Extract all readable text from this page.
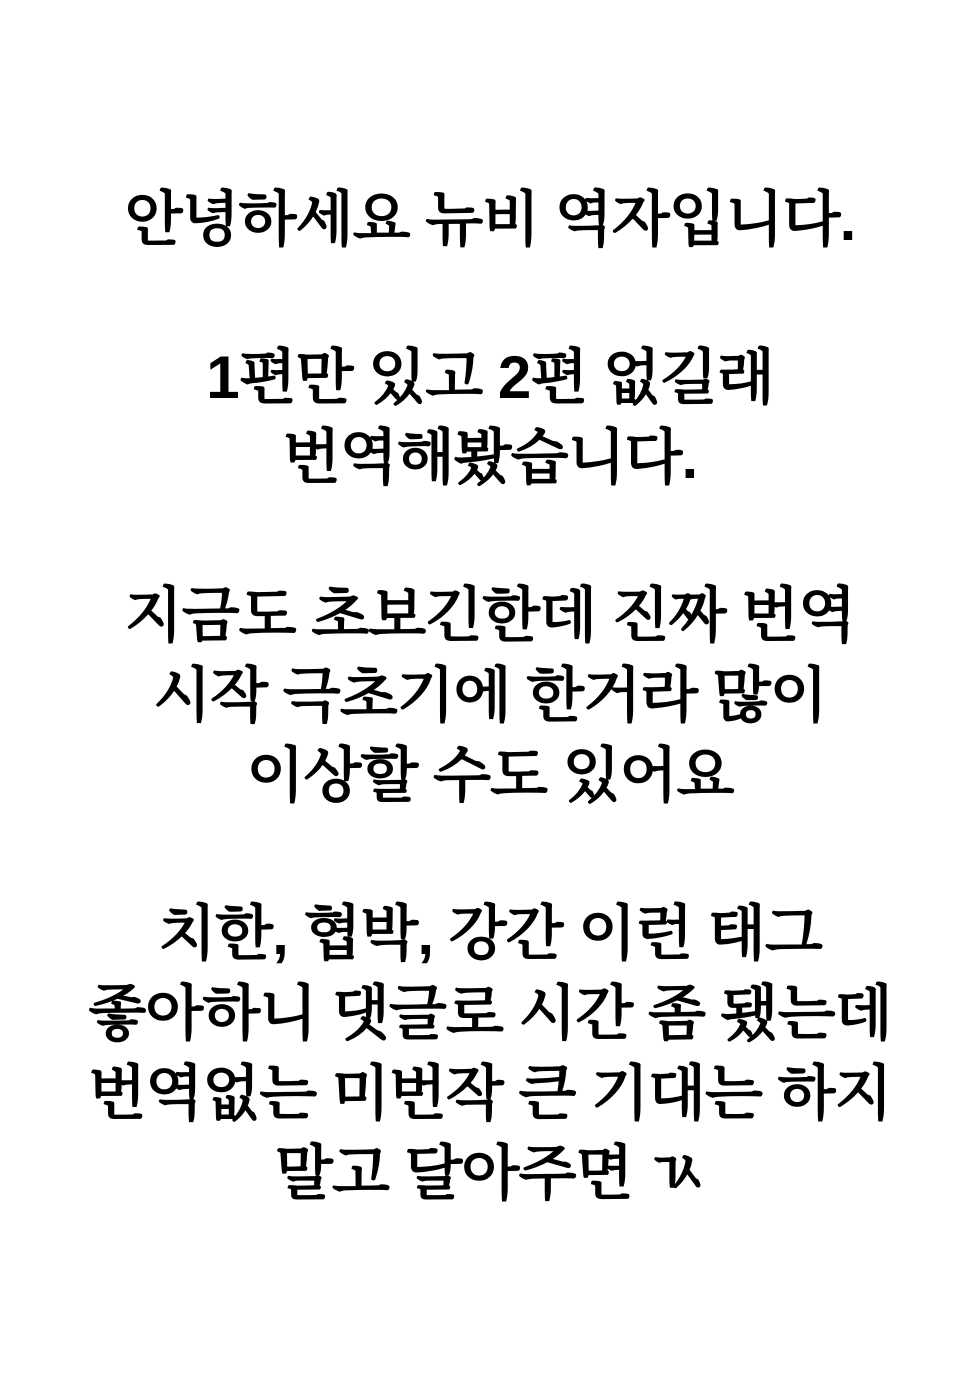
안녕하세요 뉴비 역자입니다.
1편만 있고 2편 없길래
번역해봤습니다.
지금도 초보긴한데 진짜 번역
시작 극초기에 한거라 많이
이상할 수도 있어요
치한, 협박, 강간 이런 태그
좋아하니 댓글로 시간 좀 됐는데
번역없는 미번작 큰 기대는 하지
말고 달아주면 ㄳ
